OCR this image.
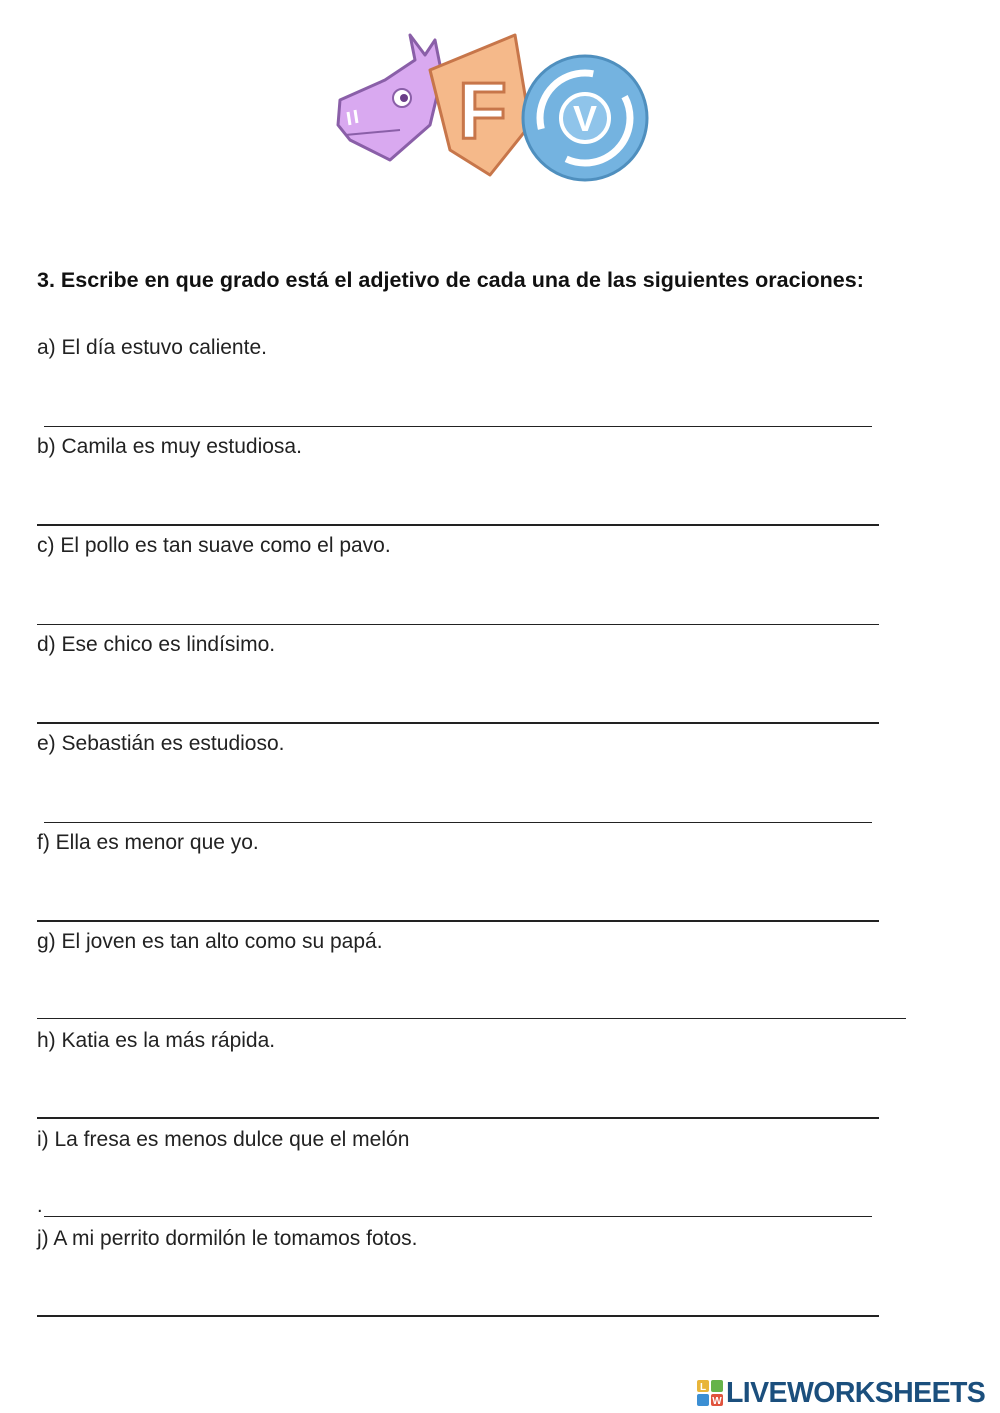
F V

3. Escribe en que grado está el adjetivo de cada una de las siguientes oraciones:

a) El día estuvo caliente.
b) Camila es muy estudiosa.
c) El pollo es tan suave como el pavo.
d) Ese chico es lindísimo.
e) Sebastián es estudioso.
f) Ella es menor que yo.
g) El joven es tan alto como su papá.
h) Katia es la más rápida.
i) La fresa es menos dulce que el melón
.
j) A mi perrito dormilón le tomamos fotos.
L
W LIVEWORKSHEETS
